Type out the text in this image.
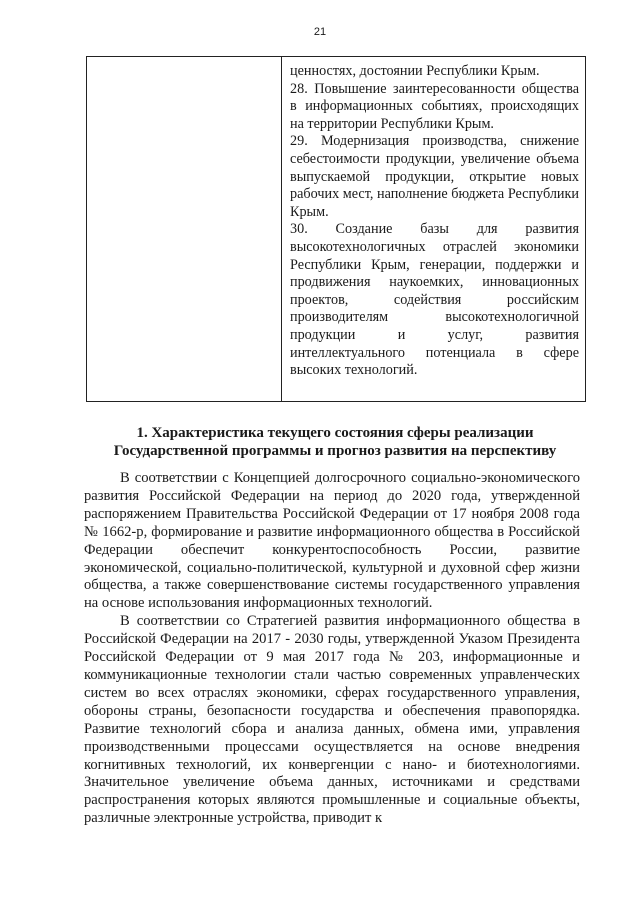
21

ценностях, достоянии Республики Крым.

28. Повышение заинтересованности общества в информационных событиях, происходящих на территории Республики Крым.

29. Модернизация производства, снижение себестоимости продукции, увеличение объема выпускаемой продукции, открытие новых рабочих мест, наполнение бюджета Республики Крым.

30. Создание базы для развития высокотехнологичных отраслей экономики Республики Крым, генерации, поддержки и продвижения наукоемких, инновационных проектов, содействия российским производителям высокотехнологичной продукции и услуг, развития интеллектуального потенциала в сфере высоких технологий.

1. Характеристика текущего состояния сферы реализации Государственной программы и прогноз развития на перспективу

В соответствии с Концепцией долгосрочного социально-экономического развития Российской Федерации на период до 2020 года, утвержденной распоряжением Правительства Российской Федерации от 17 ноября 2008 года № 1662-р, формирование и развитие информационного общества в Российской Федерации обеспечит конкурентоспособность России, развитие экономической, социально-политической, культурной и духовной сфер жизни общества, а также совершенствование системы государственного управления на основе использования информационных технологий.

В соответствии со Стратегией развития информационного общества в Российской Федерации на 2017 - 2030 годы, утвержденной Указом Президента Российской Федерации от 9 мая 2017 года № 203, информационные и коммуникационные технологии стали частью современных управленческих систем во всех отраслях экономики, сферах государственного управления, обороны страны, безопасности государства и обеспечения правопорядка. Развитие технологий сбора и анализа данных, обмена ими, управления производственными процессами осуществляется на основе внедрения когнитивных технологий, их конвергенции с нано- и биотехнологиями. Значительное увеличение объема данных, источниками и средствами распространения которых являются промышленные и социальные объекты, различные электронные устройства, приводит к
